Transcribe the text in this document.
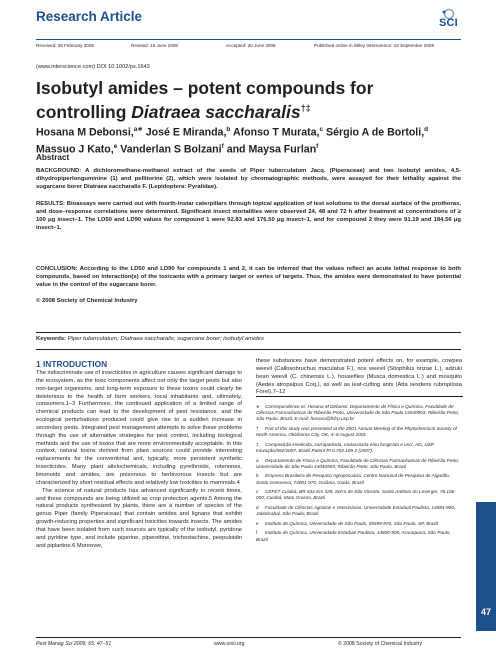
Research Article	SCI
Received: 29 February 2008	Revised: 16 June 2008	Accepted: 20 June 2008	Published online in Wiley Interscience: 18 September 2008
(www.interscience.com) DOI 10.1002/ps.1643
Isobutyl amides – potent compounds for
controlling Diatraea saccharalis†‡
Hosana M Debonsi,$^{a∗}$ José E Miranda,$^b$ Afonso T Murata,$^c$ Sérgio A de Bortoli,$^d$ Massuo J Kato,$^e$ Vanderlan S Bolzani$^f$ and Maysa Furlan$^f$
Abstract
BACKGROUND: A dichloromethane-methanol extract of the seeds of Piper tuberculatum Jacq. (Piperaceae) and two isobutyl amides, 4,5-dihydropiperlonguminine (1) and pellitorine (2), which were isolated by chromatographic methods, were assayed for their lethality against the sugarcane borer Diatraea saccharalis F. (Lepidoptera: Pyralidae).
RESULTS: Bioassays were carried out with fourth-instar caterpillars through topical application of test solutions to the dorsal surface of the prothorax, and dose–response correlations were determined. Significant insect mortalities were observed 24, 48 and 72 h after treatment at concentrations of ≥ 100 μg insect−1. The LD50 and LD90 values for compound 1 were 92.83 and 176.50 μg insect−1, and for compound 2 they were 91.19 and 184.56 μg insect−1.
CONCLUSION: According to the LD50 and LD90 for compounds 1 and 2, it can be inferred that the values reflect an acute lethal response to both compounds, based on interaction(s) of the toxicants with a primary target or series of targets. Thus, the amides were demonstrated to have potential value in the control of the sugarcane borer.
© 2008 Society of Chemical Industry
Keywords: Piper tuberculatum; Diatraea saccharalis; sugarcane borer; isobutyl amides
1 INTRODUCTION

The indiscriminate use of insecticides in agriculture causes significant damage to the ecosystem, as the toxic components affect not only the target pests but also non-target organisms, and long-term exposure to these toxins could clearly be deleterious to the health of farm workers, local inhabitants and, ultimately, consumers.1–3 Furthermore, the continued application of a limited range of chemical products can lead to the development of pest resistance, and the ecological perturbations produced could give rise to a sudden increase in secondary pests. Integrated pest management attempts to solve these problems through the use of alternative strategies for pest control, including biological methods and the use of toxins that are more environmentally acceptable. In this context, natural toxins derived from plant sources could provide interesting replacements for the conventional and, typically, more persistent synthetic insecticides. Many plant allelochemicals, including pyrethroids, rotenones, limonoids and amides, are poisonous to herbivorous insects but are characterized by short residual effects and relatively low toxicities to mammals.4

The science of natural products has advanced significantly in recent times, and these compounds are being utilized as crop protection agents.5 Among the natural products synthesized by plants, there are a number of species of the genus Piper (family Piperaceae) that contain amides and lignans that exhibit growth-reducing properties and significant toxicities towards insects. The amides that have been isolated from such sources are typically of the isobutyl, pyridone and pyridine type, and include piperine, piperettine, trichostachine, peepuloidin and piplartine.6 Moreover,

these substances have demonstrated potent effects on, for example, cowpea weevil (Callosobruchus maculatus F.), rice weevil (Sitophilus orizae L.), adzuki bean weevil (C. chinensis L.), houseflies (Musca domestica L.) and mosquito (Aedes atropalpus Coq.), as well as leaf-cutting ants (Atta sexdens rubropilosa Forel).7–12

∗ Correspondence to: Hosana M Debonsi, Departamento de Física e Química, Faculdade de Ciências Farmacêuticas de Ribeirão Preto, Universidade de São Paulo 14040903, Ribeirão Preto, São Paulo, Brazil. E-mail: hosana@fcfrp.usp.br
† Part of this study was presented at the 2001 Annual Meeting of the Phytochemical Society of North America, Oklahoma City, OK, 4–8 August 2001.
‡ Composição inseticida, carrapaticida, moluscicida e/ou fungicida e uso', AG, USP Inovação/592/2007, Brazil Patent PI 0.703.109-2 (2007).
a Departamento de Física e Química, Faculdade de Ciências Farmacêuticas de Ribeirão Preto, Universidade de São Paulo 14040903, Ribeirão Preto, São Paulo, Brazil
b Empresa Brasileira de Pesquisa Agropecuária, Centro Nacional de Pesquisa de Algodão, Santo Genoveva, 74001-970, Goiânia, Goiás, Brazil
c CEFET Cuiabá, BR 634 Km 329, Serra de São Vicente, Santo Antônio do Leverger, 78.106-000, Cuiabá, Mato Grosso, Brazil
d Faculdade de Ciências Agrárias e Veterinárias, Universidade Estadual Paulista, 14884-900, Jaboticabal, São Paulo, Brazil
e Instituto de Química, Universidade de São Paulo, 05599-970, São Paulo, SP, Brazil
f Instituto de Química, Universidade Estadual Paulista, 14800-900, Araraquara, São Paulo, Brazil
47
Pest Manag Sci 2009; 65: 47–51	www.soci.org	© 2008 Society of Chemical Industry
